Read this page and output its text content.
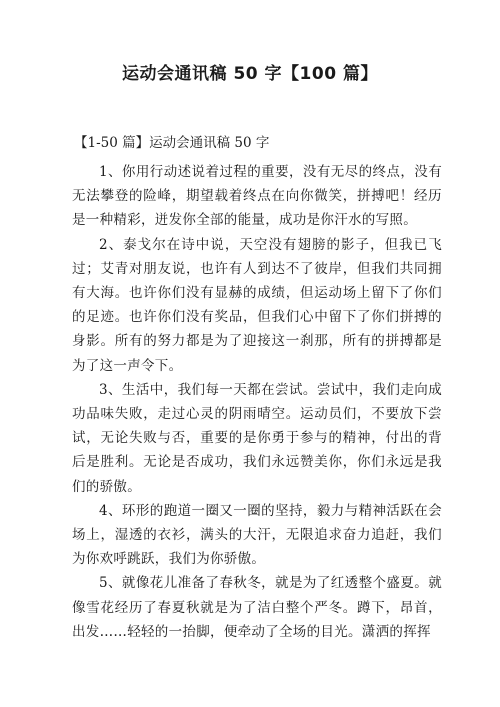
运动会通讯稿 50 字【100 篇】
【1-50 篇】运动会通讯稿 50 字

1、你用行动述说着过程的重要，没有无尽的终点，没有无法攀登的险峰，期望载着终点在向你微笑，拼搏吧！经历是一种精彩，迸发你全部的能量，成功是你汗水的写照。

2、泰戈尔在诗中说，天空没有翅膀的影子，但我已飞过；艾青对朋友说，也许有人到达不了彼岸，但我们共同拥有大海。也许你们没有显赫的成绩，但运动场上留下了你们的足迹。也许你们没有奖品，但我们心中留下了你们拼搏的身影。所有的努力都是为了迎接这一刹那，所有的拼搏都是为了这一声令下。

3、生活中，我们每一天都在尝试。尝试中，我们走向成功品味失败，走过心灵的阴雨晴空。运动员们，不要放下尝试，无论失败与否，重要的是你勇于参与的精神，付出的背后是胜利。无论是否成功，我们永远赞美你，你们永远是我们的骄傲。

4、环形的跑道一圈又一圈的坚持，毅力与精神活跃在会场上，湿透的衣衫，满头的大汗，无限追求奋力追赶，我们为你欢呼跳跃，我们为你骄傲。

5、就像花儿准备了春秋冬，就是为了红透整个盛夏。就像雪花经历了春夏秋就是为了洁白整个严冬。蹲下，昂首，出发……轻轻的一抬脚，便牵动了全场的目光。潇洒的挥挥
